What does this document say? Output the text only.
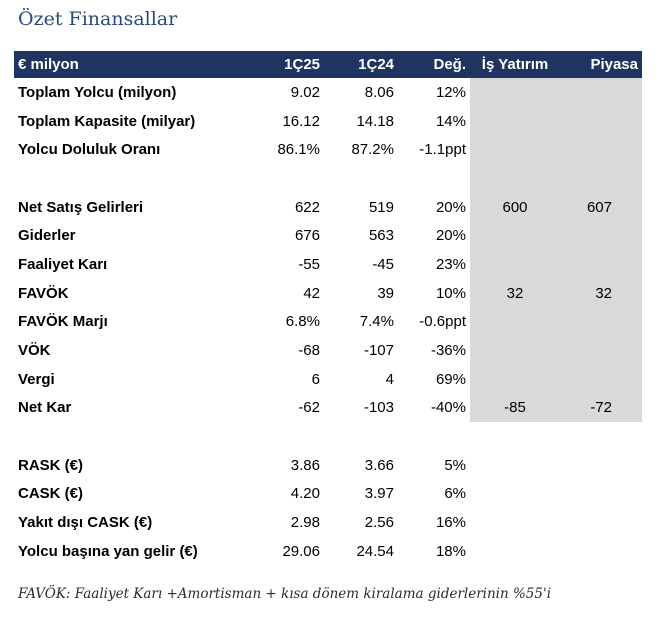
Özet Finansallar
€ milyon	1Ç25	1Ç24	Değ.	İş Yatırım	Piyasa
Toplam Yolcu (milyon)	9.02	8.06	12%		
Toplam Kapasite (milyar)	16.12	14.18	14%		
Yolcu Doluluk Oranı	86.1%	87.2%	-1.1ppt		

Net Satış Gelirleri	622	519	20%	600	607
Giderler	676	563	20%		
Faaliyet Karı	-55	-45	23%		
FAVÖK	42	39	10%	32	32
FAVÖK Marjı	6.8%	7.4%	-0.6ppt		
VÖK	-68	-107	-36%		
Vergi	6	4	69%		
Net Kar	-62	-103	-40%	-85	-72

RASK (€)	3.86	3.66	5%		
CASK (€)	4.20	3.97	6%		
Yakıt dışı CASK (€)	2.98	2.56	16%		
Yolcu başına yan gelir (€)	29.06	24.54	18%		
FAVÖK: Faaliyet Karı +Amortisman + kısa dönem kiralama giderlerinin %55'i
